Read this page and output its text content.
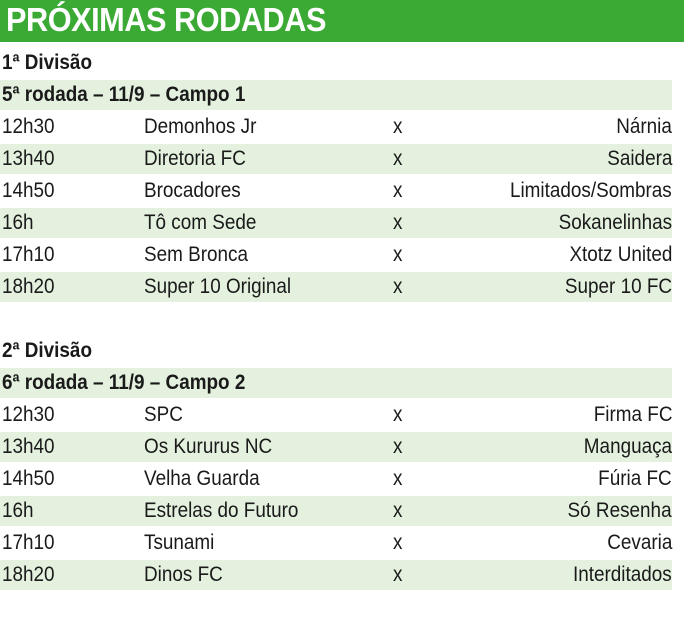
PRÓXIMAS RODADAS
1ª Divisão
5ª rodada – 11/9 – Campo 1
12h30	Demonhos Jr	x	Nárnia
13h40	Diretoria FC	x	Saidera
14h50	Brocadores	x	Limitados/Sombras
16h	Tô com Sede	x	Sokanelinhas
17h10	Sem Bronca	x	Xtotz United
18h20	Super 10 Original	x	Super 10 FC
2ª Divisão
6ª rodada – 11/9 – Campo 2
12h30	SPC	x	Firma FC
13h40	Os Kururus NC	x	Manguaça
14h50	Velha Guarda	x	Fúria FC
16h	Estrelas do Futuro	x	Só Resenha
17h10	Tsunami	x	Cevaria
18h20	Dinos FC	x	Interditados
